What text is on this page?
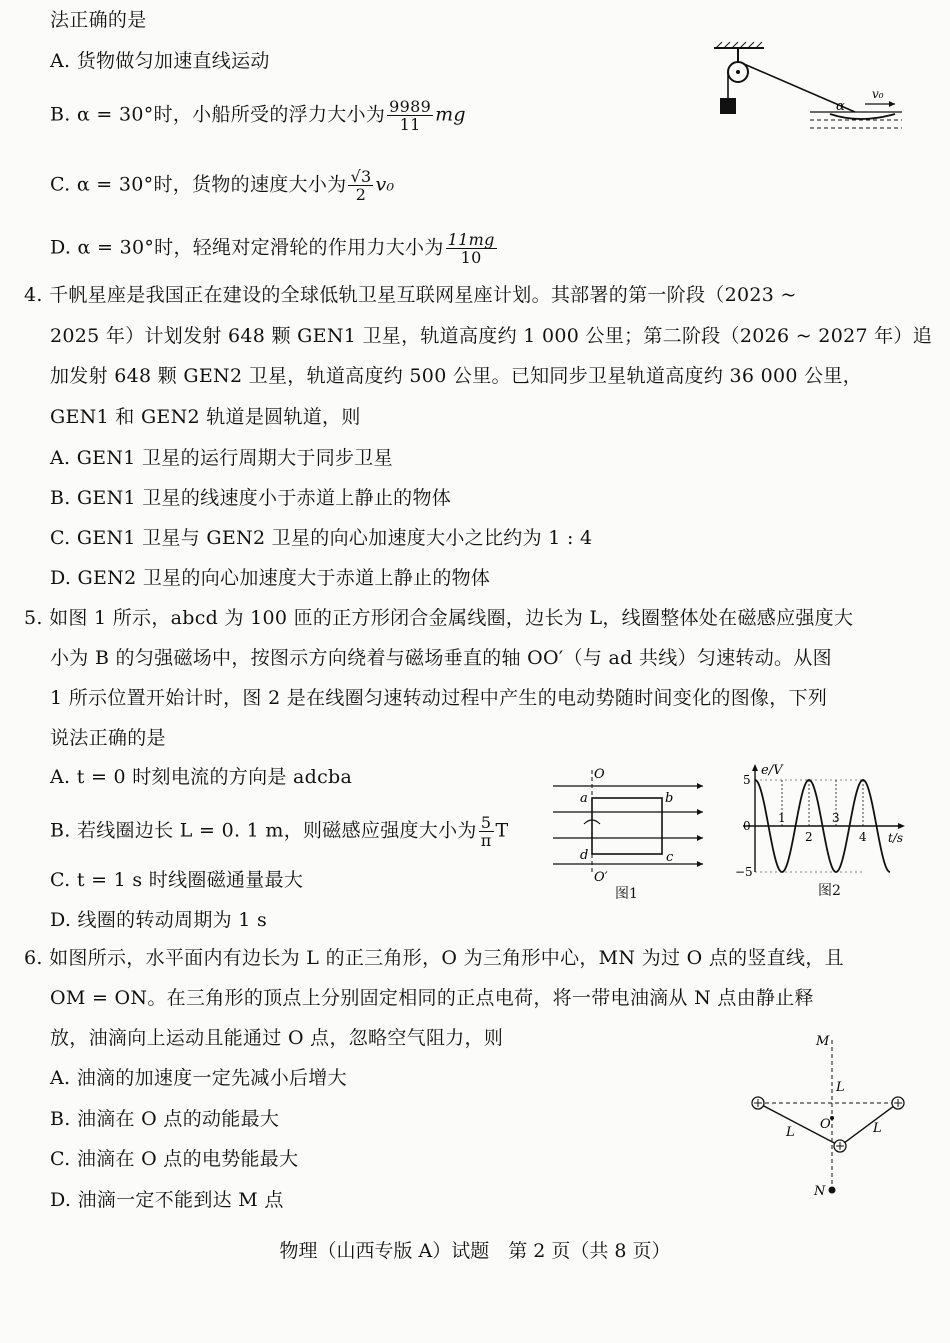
法正确的是
A. 货物做匀加速直线运动
B. α = 30°时，小船所受的浮力大小为 $\frac{9989}{11}$ mg
C. α = 30°时，货物的速度大小为 $\frac{√3}{2} v_0$
D. α = 30°时，轻绳对定滑轮的作用力大小为 $\frac{11mg}{10}$
α
v₀
4. 千帆星座是我国正在建设的全球低轨卫星互联网星座计划。其部署的第一阶段（2023 ~
2025 年）计划发射 648 颗 GEN1 卫星，轨道高度约 1 000 公里；第二阶段（2026 ~ 2027 年）追
加发射 648 颗 GEN2 卫星，轨道高度约 500 公里。已知同步卫星轨道高度约 36 000 公里，
GEN1 和 GEN2 轨道是圆轨道，则
A. GEN1 卫星的运行周期大于同步卫星
B. GEN1 卫星的线速度小于赤道上静止的物体
C. GEN1 卫星与 GEN2 卫星的向心加速度大小之比约为 1 : 4
D. GEN2 卫星的向心加速度大于赤道上静止的物体
5. 如图 1 所示，abcd 为 100 匝的正方形闭合金属线圈，边长为 L，线圈整体处在磁感应强度大
小为 B 的匀强磁场中，按图示方向绕着与磁场垂直的轴 OO′（与 ad 共线）匀速转动。从图
1 所示位置开始计时，图 2 是在线圈匀速转动过程中产生的电动势随时间变化的图像，下列
说法正确的是
A. t = 0 时刻电流的方向是 adcba
B. 若线圈边长 L = 0. 1 m，则磁感应强度大小为 $\frac{5}{\pi}$ T
C. t = 1 s 时线圈磁通量最大
D. 线圈的转动周期为 1 s
O
O′
a	b
c
d
图1
e/V
t/s
1
2
3
4
−5
0
5
图2
6. 如图所示，水平面内有边长为 L 的正三角形，O 为三角形中心，MN 为过 O 点的竖直线，且
OM = ON。在三角形的顶点上分别固定相同的正点电荷，将一带电油滴从 N 点由静止释
放，油滴向上运动且能通过 O 点，忽略空气阻力，则
A. 油滴的加速度一定先减小后增大
B. 油滴在 O 点的动能最大
C. 油滴在 O 点的电势能最大
D. 油滴一定不能到达 M 点
M
N
O
L
L	L
物理（山西专版 A）试题　第 2 页（共 8 页）
